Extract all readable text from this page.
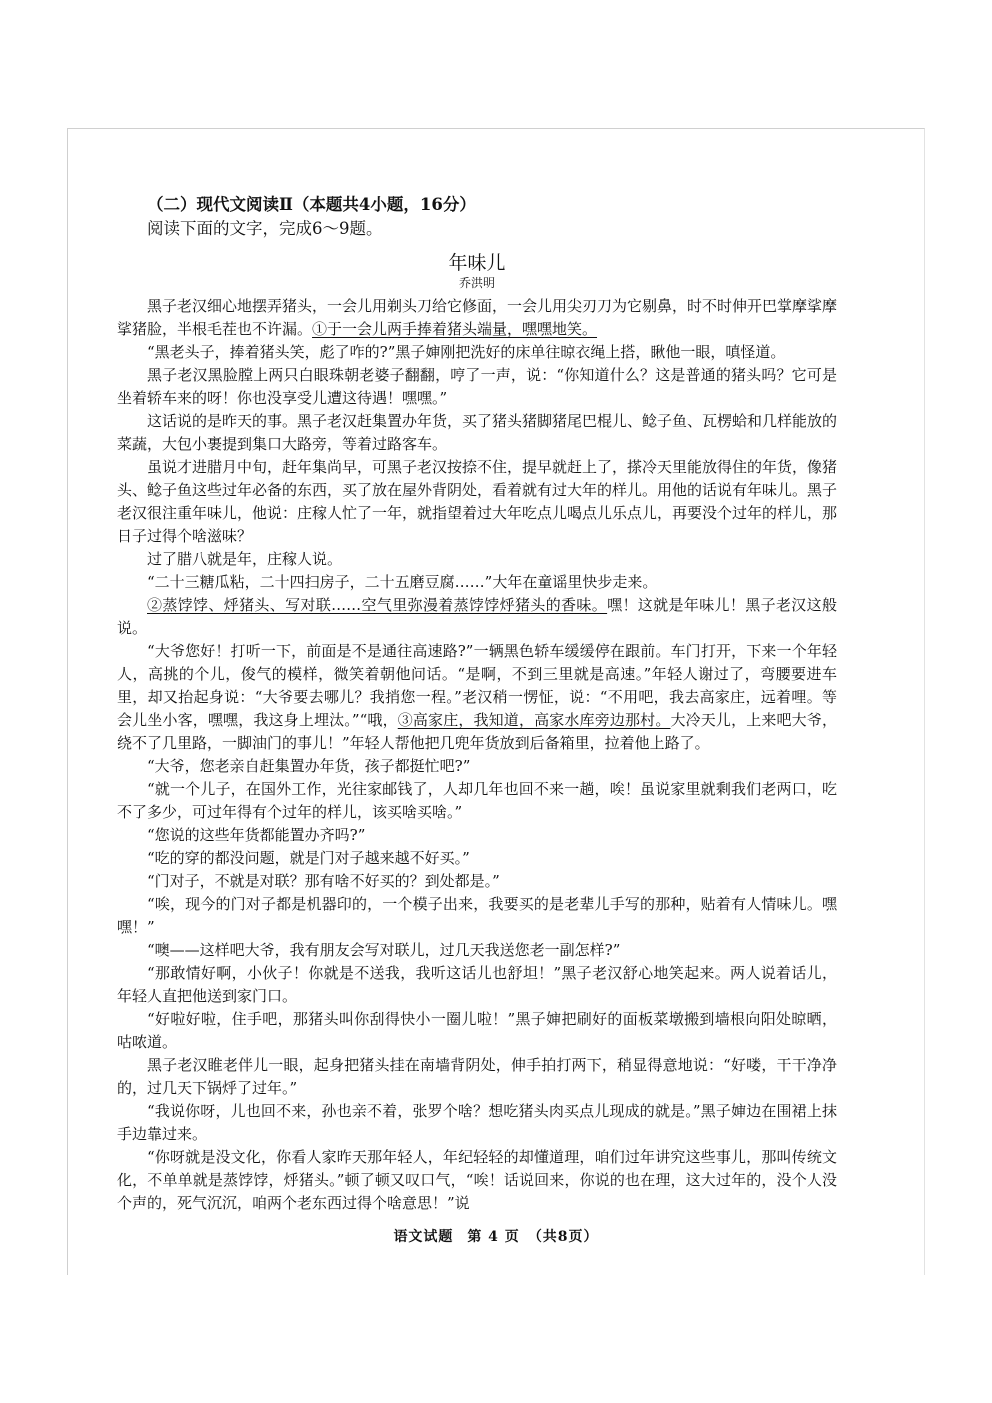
（二）现代文阅读Ⅱ（本题共4小题，16分）
阅读下面的文字，完成6～9题。
年味儿
乔洪明

黑子老汉细心地摆弄猪头，一会儿用剃头刀给它修面，一会儿用尖刃刀为它剔鼻，时不时伸开巴掌摩挲摩挲猪脸，半根毛茬也不许漏。①于一会儿两手捧着猪头端量，嘿嘿地笑。

“黑老头子，捧着猪头笑，彪了咋的?”黑子婶刚把洗好的床单往晾衣绳上搭，瞅他一眼，嗔怪道。

黑子老汉黑脸膛上两只白眼珠朝老婆子翻翻，哼了一声，说：“你知道什么？这是普通的猪头吗？它可是坐着轿车来的呀！你也没享受儿遭这待遇！嘿嘿。”

这话说的是昨天的事。黑子老汉赶集置办年货，买了猪头猪脚猪尾巴棍儿、鲶子鱼、瓦楞蛤和几样能放的菜蔬，大包小裹提到集口大路旁，等着过路客车。

虽说才进腊月中旬，赶年集尚早，可黑子老汉按捺不住，提早就赶上了，搽冷天里能放得住的年货，像猪头、鲶子鱼这些过年必备的东西，买了放在屋外背阴处，看着就有过大年的样儿。用他的话说有年味儿。黑子老汉很注重年味儿，他说：庄稼人忙了一年，就指望着过大年吃点儿喝点儿乐点儿，再要没个过年的样儿，那日子过得个啥滋味？

过了腊八就是年，庄稼人说。

“二十三糖瓜粘，二十四扫房子，二十五磨豆腐……”大年在童谣里快步走来。

②蒸饽饽、烀猪头、写对联……空气里弥漫着蒸饽饽烀猪头的香味。嘿！这就是年味儿！黑子老汉这般说。

“大爷您好！打听一下，前面是不是通往高速路?”一辆黑色轿车缓缓停在跟前。车门打开，下来一个年轻人，高挑的个儿，俊气的模样，微笑着朝他问话。“是啊，不到三里就是高速。”年轻人谢过了，弯腰要进车里，却又抬起身说：“大爷要去哪儿？我捎您一程。”老汉稍一愣怔，说：“不用吧，我去高家庄，远着哩。等会儿坐小客，嘿嘿，我这身上埋汰。”“哦，③高家庄，我知道，高家水库旁边那村。大冷天儿，上来吧大爷，绕不了几里路，一脚油门的事儿！”年轻人帮他把几兜年货放到后备箱里，拉着他上路了。

“大爷，您老亲自赶集置办年货，孩子都挺忙吧?”

“就一个儿子，在国外工作，光往家邮钱了，人却几年也回不来一趟，唉！虽说家里就剩我们老两口，吃不了多少，可过年得有个过年的样儿，该买啥买啥。”

“您说的这些年货都能置办齐吗?”

“吃的穿的都没问题，就是门对子越来越不好买。”

“门对子，不就是对联？那有啥不好买的？到处都是。”

“唉，现今的门对子都是机器印的，一个模子出来，我要买的是老辈儿手写的那种，贴着有人情味儿。嘿嘿！”

“噢——这样吧大爷，我有朋友会写对联儿，过几天我送您老一副怎样?”

“那敢情好啊，小伙子！你就是不送我，我听这话儿也舒坦！”黑子老汉舒心地笑起来。两人说着话儿，年轻人直把他送到家门口。

“好啦好啦，住手吧，那猪头叫你刮得快小一圈儿啦！”黑子婶把刷好的面板菜墩搬到墙根向阳处晾晒，咕哝道。

黑子老汉睢老伴儿一眼，起身把猪头挂在南墙背阴处，伸手拍打两下，稍显得意地说：“好喽，干干净净的，过几天下锅烀了过年。”

“我说你呀，儿也回不来，孙也亲不着，张罗个啥？想吃猪头肉买点儿现成的就是。”黑子婶边在围裙上抹手边靠过来。

“你呀就是没文化，你看人家昨天那年轻人，年纪轻轻的却懂道理，咱们过年讲究这些事儿，那叫传统文化，不单单就是蒸饽饽，烀猪头。”顿了顿又叹口气，“唉！话说回来，你说的也在理，这大过年的，没个人没个声的，死气沉沉，咱两个老东西过得个啥意思！”说

语文试题 第 4 页 （共8页）
